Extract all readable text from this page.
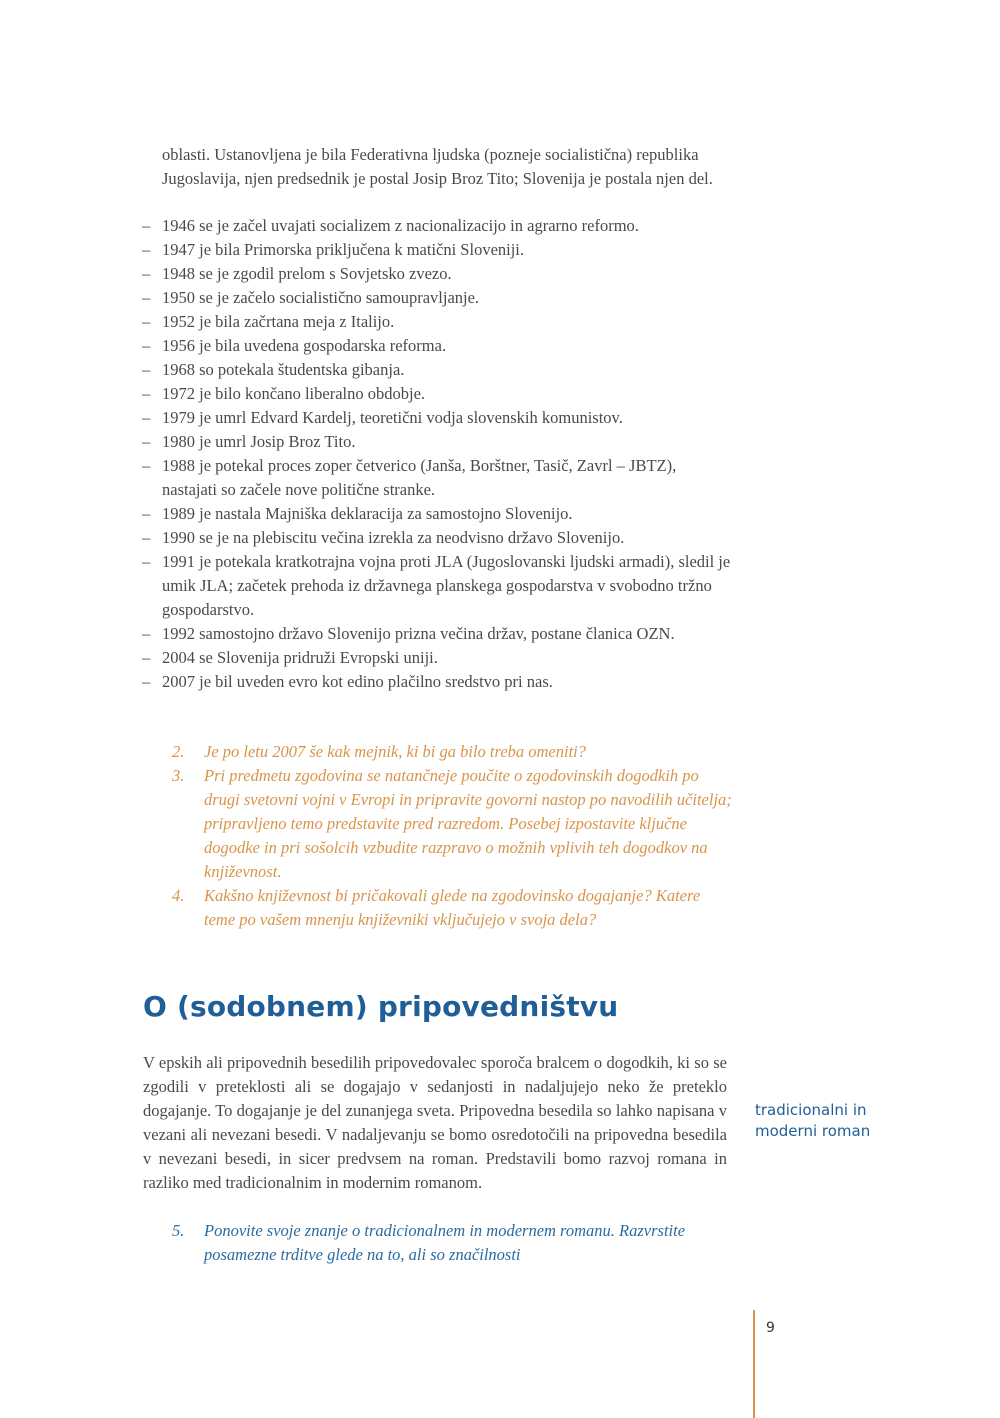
oblasti. Ustanovljena je bila Federativna ljudska (pozneje socialistična) republika Jugoslavija, njen predsednik je postal Josip Broz Tito; Slovenija je postala njen del.

– 1946 se je začel uvajati socializem z nacionalizacijo in agrarno reformo.
– 1947 je bila Primorska priključena k matični Sloveniji.
– 1948 se je zgodil prelom s Sovjetsko zvezo.
– 1950 se je začelo socialistično samoupravljanje.
– 1952 je bila začrtana meja z Italijo.
– 1956 je bila uvedena gospodarska reforma.
– 1968 so potekala študentska gibanja.
– 1972 je bilo končano liberalno obdobje.
– 1979 je umrl Edvard Kardelj, teoretični vodja slovenskih komunistov.
– 1980 je umrl Josip Broz Tito.
– 1988 je potekal proces zoper četverico (Janša, Borštner, Tasič, Zavrl – JBTZ), nastajati so začele nove politične stranke.
– 1989 je nastala Majniška deklaracija za samostojno Slovenijo.
– 1990 se je na plebiscitu večina izrekla za neodvisno državo Slovenijo.
– 1991 je potekala kratkotrajna vojna proti JLA (Jugoslovanski ljudski armadi), sledil je umik JLA; začetek prehoda iz državnega planskega gospodarstva v svobodno tržno gospodarstvo.
– 1992 samostojno državo Slovenijo prizna večina držav, postane članica OZN.
– 2004 se Slovenija pridruži Evropski uniji.
– 2007 je bil uveden evro kot edino plačilno sredstvo pri nas.
2. Je po letu 2007 še kak mejnik, ki bi ga bilo treba omeniti?
3. Pri predmetu zgodovina se natančneje poučite o zgodovinskih dogodkih po drugi svetovni vojni v Evropi in pripravite govorni nastop po navodilih učitelja; pripravljeno temo predstavite pred razredom. Posebej izpostavite ključne dogodke in pri sošolcih vzbudite razpravo o možnih vplivih teh dogodkov na književnost.
4. Kakšno književnost bi pričakovali glede na zgodovinsko dogajanje? Katere teme po vašem mnenju književniki vključujejo v svoja dela?
O (sodobnem) pripovedništvu

V epskih ali pripovednih besedilih pripovedovalec sporoča bralcem o dogodkih, ki so se zgodili v preteklosti ali se dogajajo v sedanjosti in nadaljujejo neko že preteklo dogajanje. To dogajanje je del zunanjega sveta. Pripovedna besedila so lahko napisana v vezani ali nevezani besedi. V nadaljevanju se bomo osredotočili na pripovedna besedila v nevezani besedi, in sicer predvsem na roman. Predstavili bomo razvoj romana in razliko med tradicionalnim in modernim romanom.

tradicionalni in
moderni roman
5. Ponovite svoje znanje o tradicionalnem in modernem romanu. Razvrstite posamezne trditve glede na to, ali so značilnosti
9
